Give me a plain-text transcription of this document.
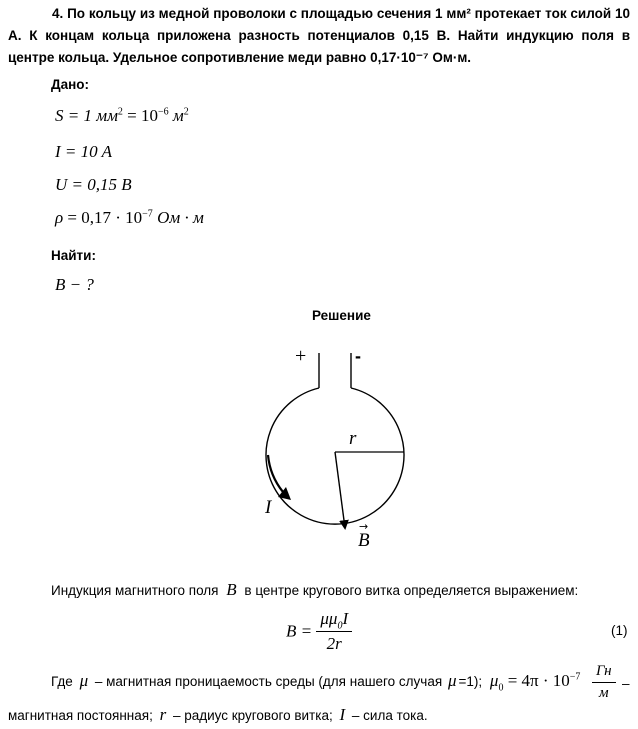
4. По кольцу из медной проволоки с площадью сечения 1 мм² протекает ток силой 10 А. К концам кольца приложена разность потенциалов 0,15 В. Найти индукцию поля в центре кольца. Удельное сопротивление меди равно 0,17·10⁻⁷ Ом·м.
Дано:
S = 1 $мм^2 = 10^{-6}$ $м^2$
I = 10 A
U = 0,15 B
$\rho = 0,17 \cdot 10^{-7}$ Ом · м
Найти:
B − ?
Решение
+	-
r
I
B
→
Индукция магнитного поля B в центре кругового витка определяется выражением:
$B = \frac{\mu\mu_0I}{2r}$	(1)
Где μ – магнитная проницаемость среды (для нашего случая μ =1); $\mu_0 = 4\pi \cdot 10^{-7}$ Гн
м
–
магнитная постоянная; r – радиус кругового витка; I – сила тока.
